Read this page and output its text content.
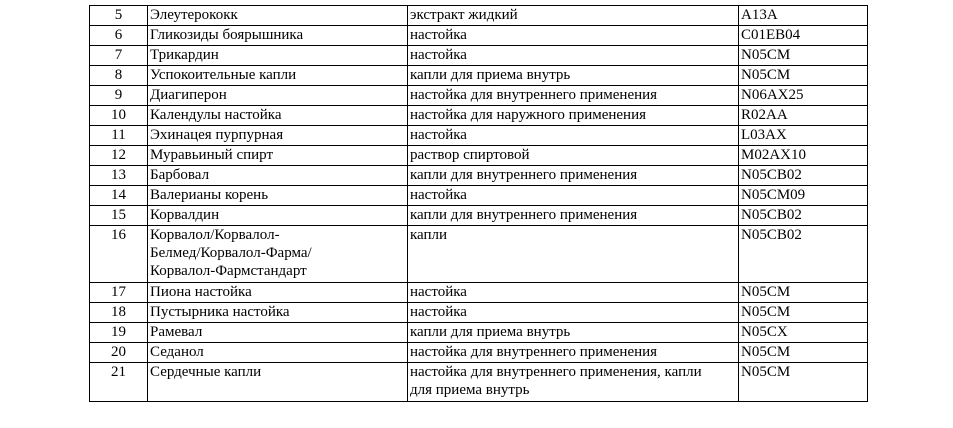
5	Элеутерококк	экстракт жидкий	A13A
6	Гликозиды боярышника	настойка	C01EB04
7	Трикардин	настойка	N05CM
8	Успокоительные капли	капли для приема внутрь	N05CM
9	Диагиперон	настойка для внутреннего применения	N06AX25
10	Календулы настойка	настойка для наружного применения	R02AA
11	Эхинацея пурпурная	настойка	L03AX
12	Муравьиный спирт	раствор спиртовой	M02AX10
13	Барбовал	капли для внутреннего применения	N05CB02
14	Валерианы корень	настойка	N05CM09
15	Корвалдин	капли для внутреннего применения	N05CB02
16	Корвалол/Корвалол-
Белмед/Корвалол-Фарма/
Корвалол-Фармстандарт	капли	N05CB02
17	Пиона настойка	настойка	N05CM
18	Пустырника настойка	настойка	N05CM
19	Рамевал	капли для приема внутрь	N05CX
20	Седанол	настойка для внутреннего применения	N05CM
21	Сердечные капли	настойка для внутреннего применения, капли
для приема внутрь	N05CM
